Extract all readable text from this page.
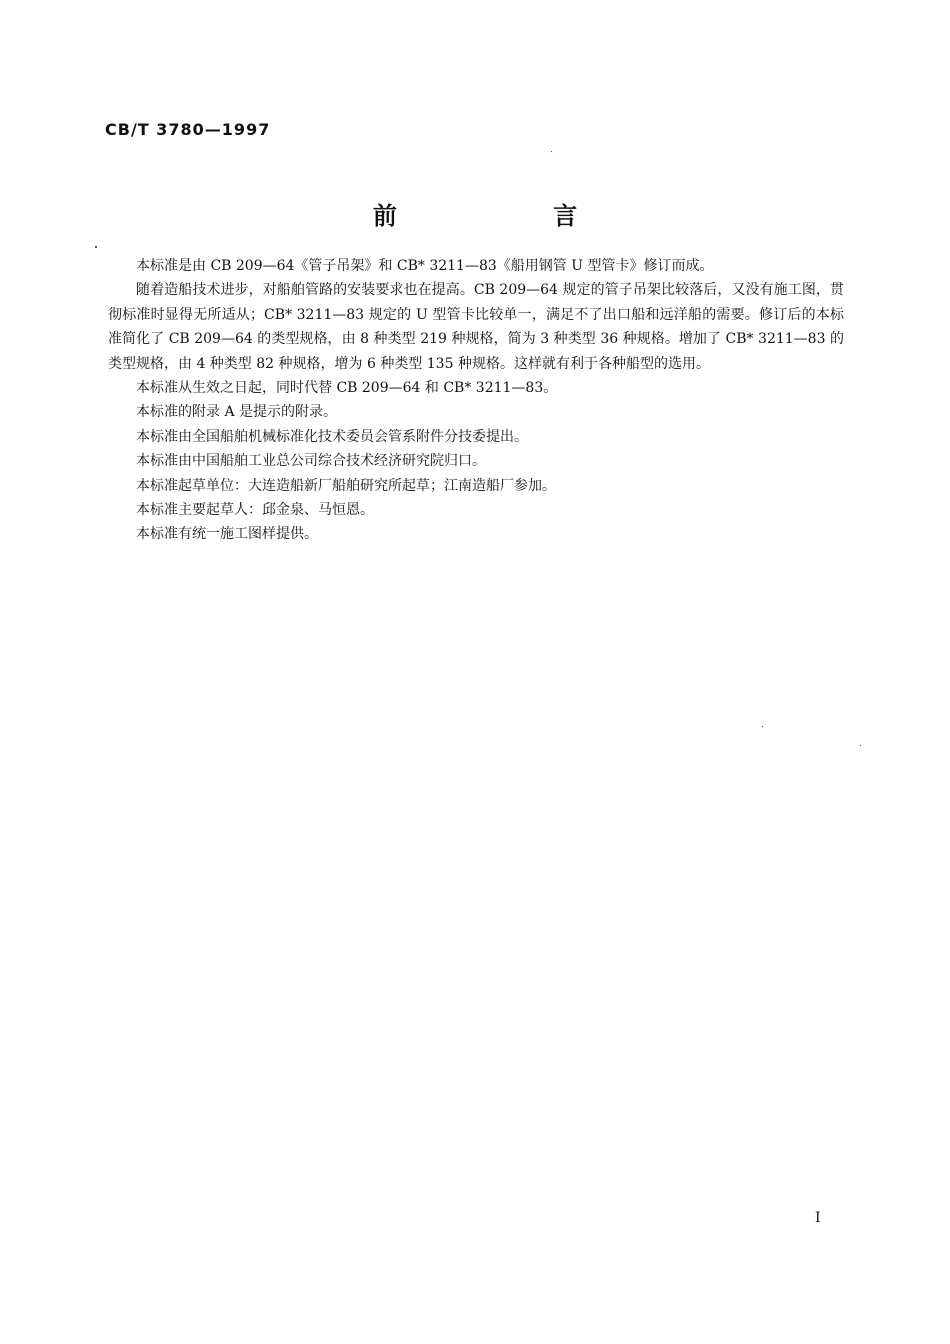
CB/T 3780—1997
前 言

本标准是由 CB 209—64《管子吊架》和 CB* 3211—83《船用钢管 U 型管卡》修订而成。

随着造船技术进步，对船舶管路的安装要求也在提高。CB 209—64 规定的管子吊架比较落后，又没有施工图，贯彻标准时显得无所适从；CB* 3211—83 规定的 U 型管卡比较单一，满足不了出口船和远洋船的需要。修订后的本标准简化了 CB 209—64 的类型规格，由 8 种类型 219 种规格，简为 3 种类型 36 种规格。增加了 CB* 3211—83 的类型规格，由 4 种类型 82 种规格，增为 6 种类型 135 种规格。这样就有利于各种船型的选用。

本标准从生效之日起，同时代替 CB 209—64 和 CB* 3211—83。

本标准的附录 A 是提示的附录。

本标准由全国船舶机械标准化技术委员会管系附件分技委提出。

本标准由中国船舶工业总公司综合技术经济研究院归口。

本标准起草单位：大连造船新厂船舶研究所起草；江南造船厂参加。

本标准主要起草人：邱金泉、马恒恩。

本标准有统一施工图样提供。

I
